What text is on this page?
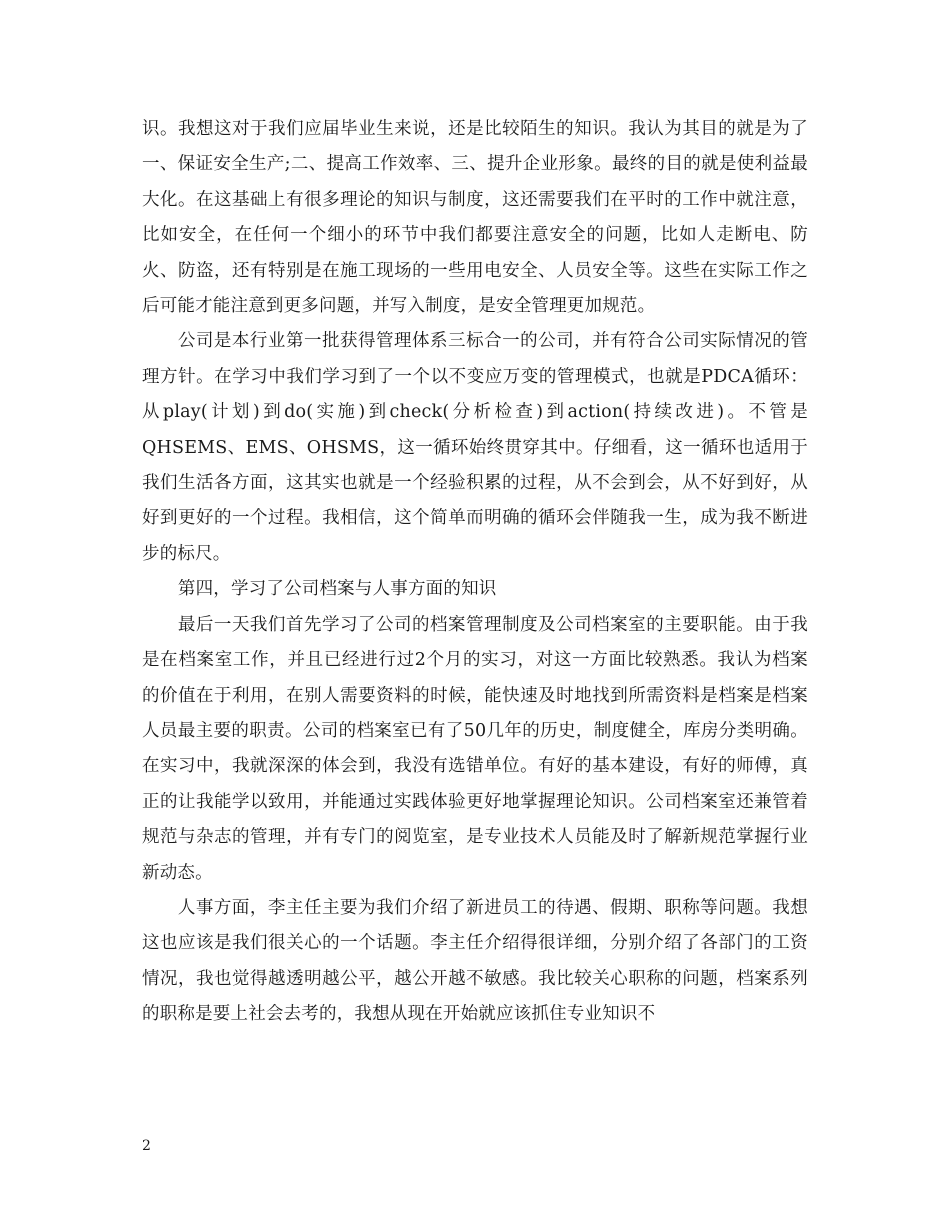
识。我想这对于我们应届毕业生来说，还是比较陌生的知识。我认为其目的就是为了一、保证安全生产;二、提高工作效率、三、提升企业形象。最终的目的就是使利益最大化。在这基础上有很多理论的知识与制度，这还需要我们在平时的工作中就注意，比如安全，在任何一个细小的环节中我们都要注意安全的问题，比如人走断电、防火、防盗，还有特别是在施工现场的一些用电安全、人员安全等。这些在实际工作之后可能才能注意到更多问题，并写入制度，是安全管理更加规范。

公司是本行业第一批获得管理体系三标合一的公司，并有符合公司实际情况的管理方针。在学习中我们学习到了一个以不变应万变的管理模式，也就是PDCA循环：从play(计划)到do(实施)到check(分析检查)到action(持续改进)。不管是QHSEMS、EMS、OHSMS，这一循环始终贯穿其中。仔细看，这一循环也适用于我们生活各方面，这其实也就是一个经验积累的过程，从不会到会，从不好到好，从好到更好的一个过程。我相信，这个简单而明确的循环会伴随我一生，成为我不断进步的标尺。

第四，学习了公司档案与人事方面的知识

最后一天我们首先学习了公司的档案管理制度及公司档案室的主要职能。由于我是在档案室工作，并且已经进行过2个月的实习，对这一方面比较熟悉。我认为档案的价值在于利用，在别人需要资料的时候，能快速及时地找到所需资料是档案是档案人员最主要的职责。公司的档案室已有了50几年的历史，制度健全，库房分类明确。在实习中，我就深深的体会到，我没有选错单位。有好的基本建设，有好的师傅，真正的让我能学以致用，并能通过实践体验更好地掌握理论知识。公司档案室还兼管着规范与杂志的管理，并有专门的阅览室，是专业技术人员能及时了解新规范掌握行业新动态。

人事方面，李主任主要为我们介绍了新进员工的待遇、假期、职称等问题。我想这也应该是我们很关心的一个话题。李主任介绍得很详细，分别介绍了各部门的工资情况，我也觉得越透明越公平，越公开越不敏感。我比较关心职称的问题，档案系列的职称是要上社会去考的，我想从现在开始就应该抓住专业知识不

2
